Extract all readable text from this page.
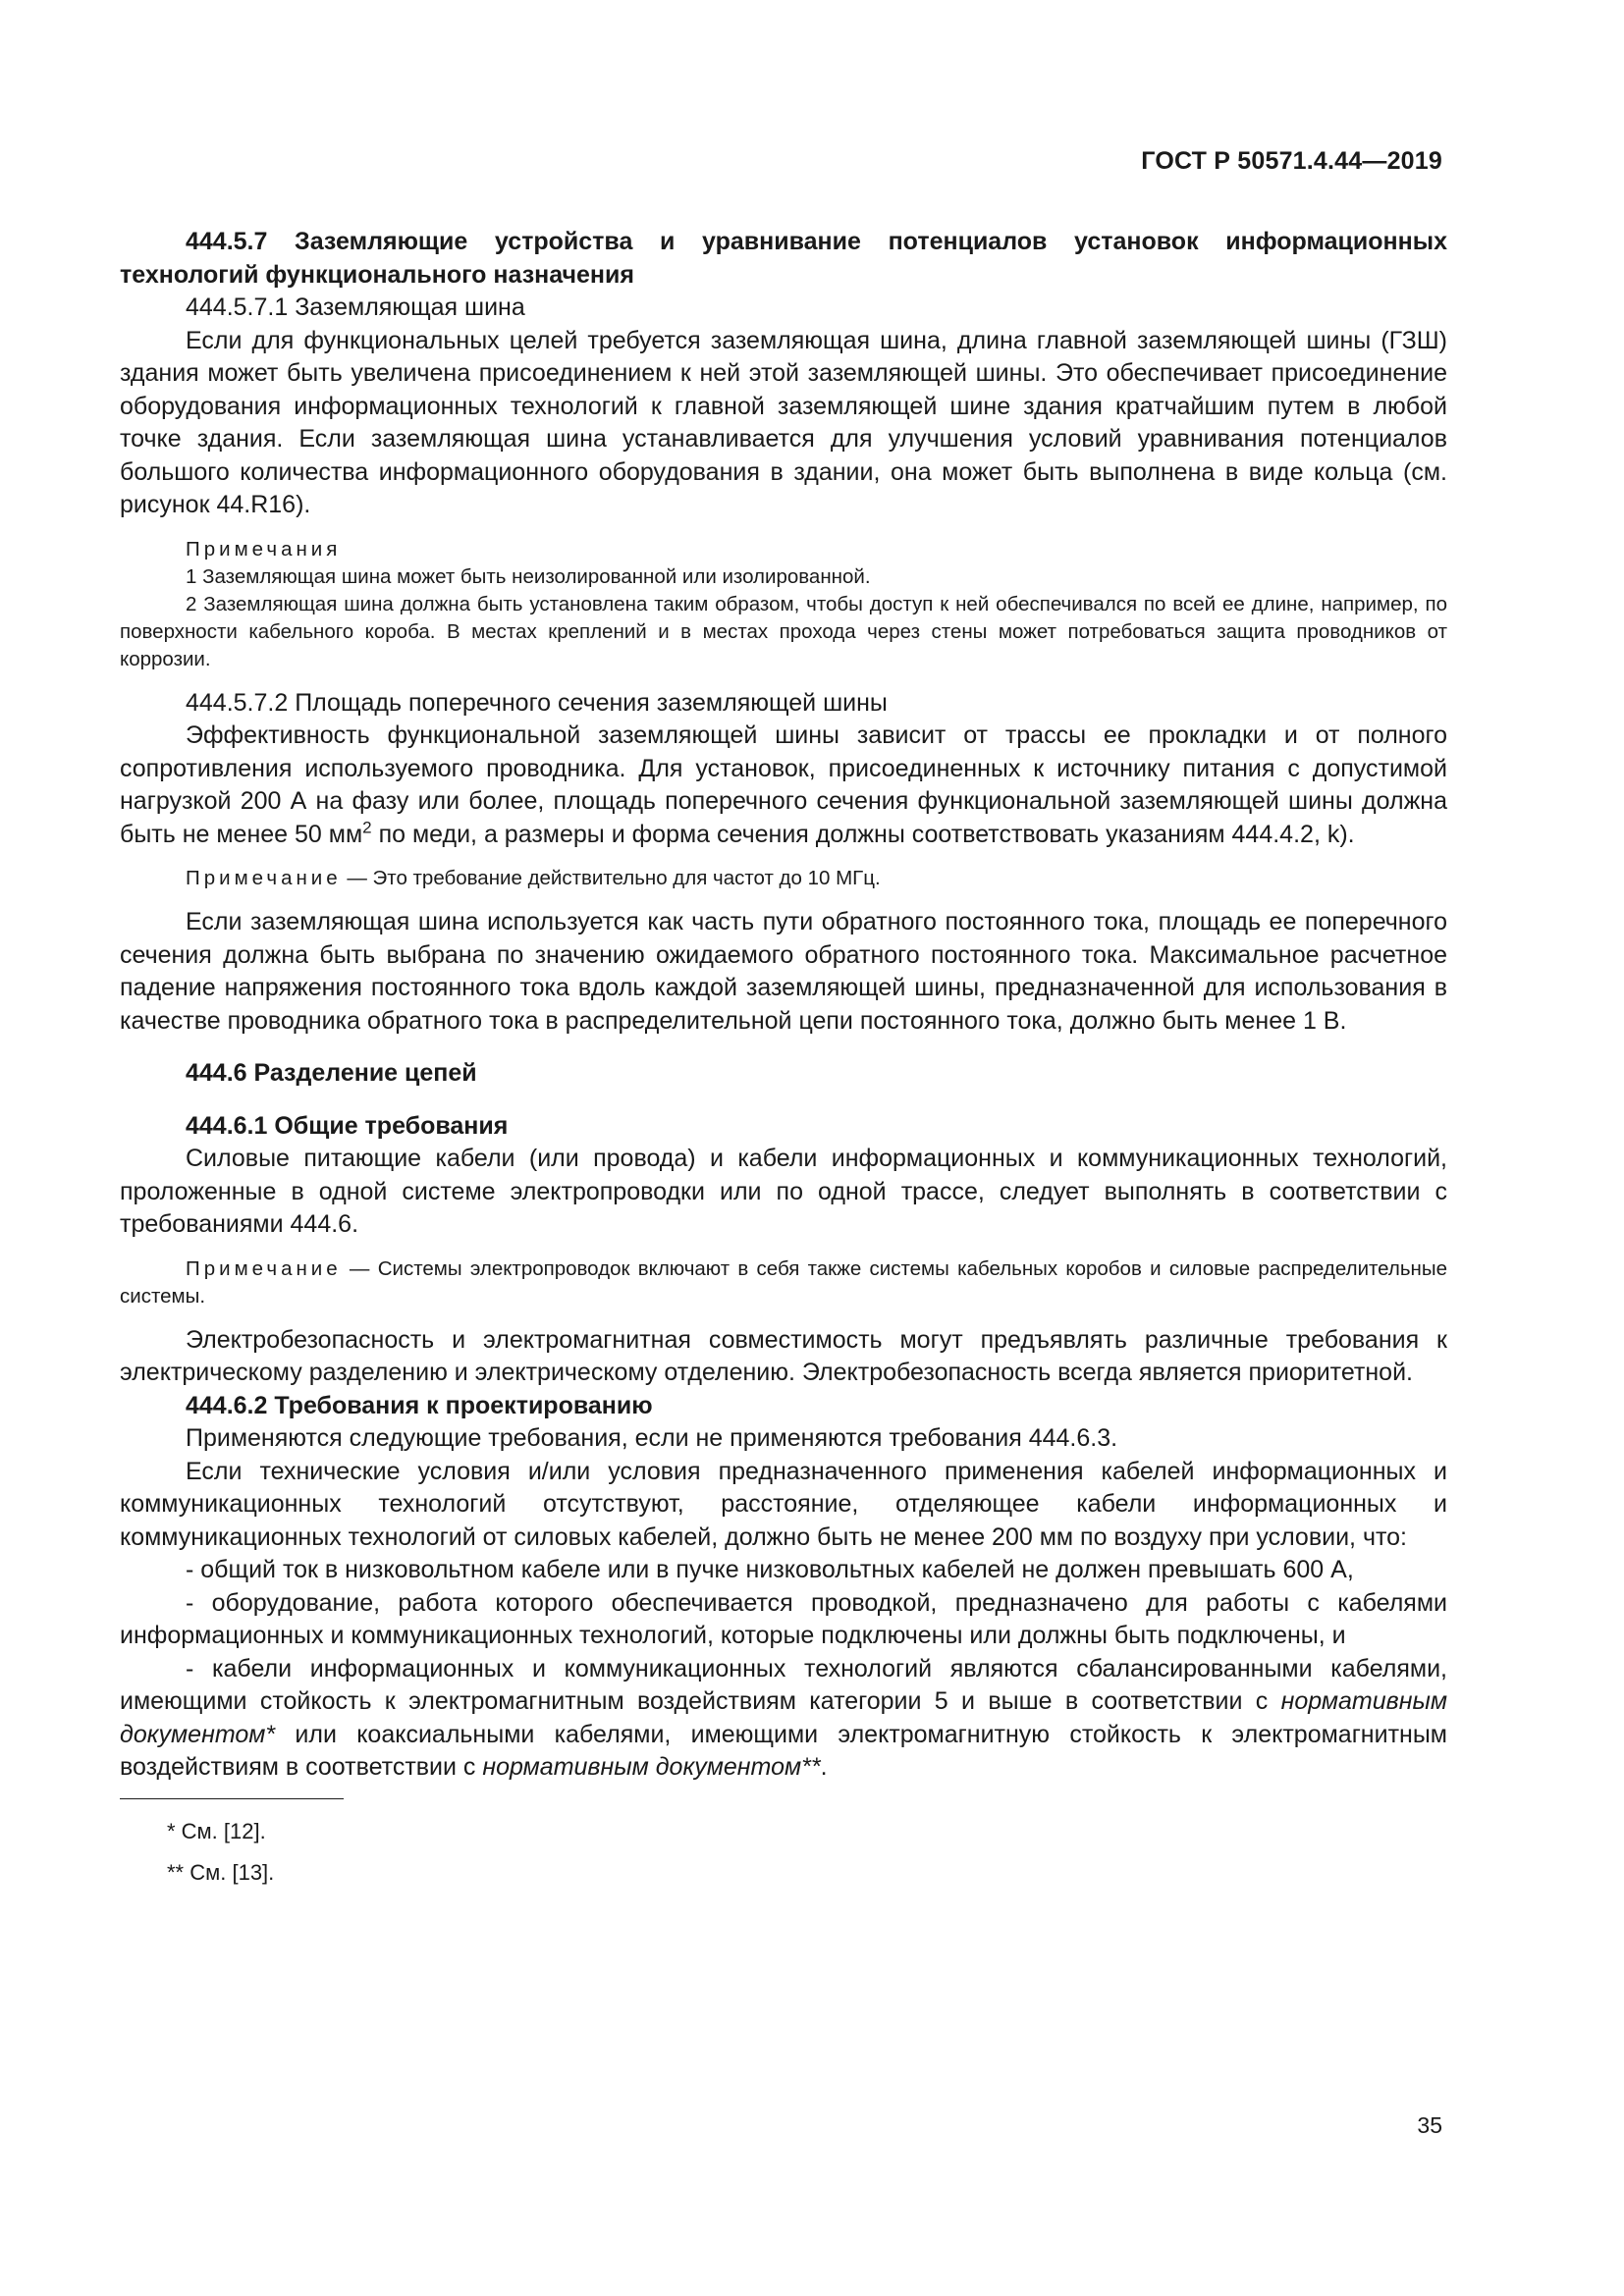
ГОСТ Р 50571.4.44—2019

444.5.7 Заземляющие устройства и уравнивание потенциалов установок информационных технологий функционального назначения

444.5.7.1 Заземляющая шина

Если для функциональных целей требуется заземляющая шина, длина главной заземляющей шины (ГЗШ) здания может быть увеличена присоединением к ней этой заземляющей шины. Это обеспечивает присоединение оборудования информационных технологий к главной заземляющей шине здания кратчайшим путем в любой точке здания. Если заземляющая шина устанавливается для улучшения условий уравнивания потенциалов большого количества информационного оборудования в здании, она может быть выполнена в виде кольца (см. рисунок 44.R16).

Примечания

1 Заземляющая шина может быть неизолированной или изолированной.

2 Заземляющая шина должна быть установлена таким образом, чтобы доступ к ней обеспечивался по всей ее длине, например, по поверхности кабельного короба. В местах креплений и в местах прохода через стены может потребоваться защита проводников от коррозии.

444.5.7.2 Площадь поперечного сечения заземляющей шины

Эффективность функциональной заземляющей шины зависит от трассы ее прокладки и от полного сопротивления используемого проводника. Для установок, присоединенных к источнику питания с допустимой нагрузкой 200 А на фазу или более, площадь поперечного сечения функциональной заземляющей шины должна быть не менее 50 $мм^2$ по меди, а размеры и форма сечения должны соответствовать указаниям 444.4.2, k).

Примечание — Это требование действительно для частот до 10 МГц.

Если заземляющая шина используется как часть пути обратного постоянного тока, площадь ее поперечного сечения должна быть выбрана по значению ожидаемого обратного постоянного тока. Максимальное расчетное падение напряжения постоянного тока вдоль каждой заземляющей шины, предназначенной для использования в качестве проводника обратного тока в распределительной цепи постоянного тока, должно быть менее 1 В.

444.6 Разделение цепей

444.6.1 Общие требования

Силовые питающие кабели (или провода) и кабели информационных и коммуникационных технологий, проложенные в одной системе электропроводки или по одной трассе, следует выполнять в соответствии с требованиями 444.6.

Примечание — Системы электропроводок включают в себя также системы кабельных коробов и силовые распределительные системы.

Электробезопасность и электромагнитная совместимость могут предъявлять различные требования к электрическому разделению и электрическому отделению. Электробезопасность всегда является приоритетной.

444.6.2 Требования к проектированию

Применяются следующие требования, если не применяются требования 444.6.3.

Если технические условия и/или условия предназначенного применения кабелей информационных и коммуникационных технологий отсутствуют, расстояние, отделяющее кабели информационных и коммуникационных технологий от силовых кабелей, должно быть не менее 200 мм по воздуху при условии, что:

- общий ток в низковольтном кабеле или в пучке низковольтных кабелей не должен превышать 600 А,

- оборудование, работа которого обеспечивается проводкой, предназначено для работы с кабелями информационных и коммуникационных технологий, которые подключены или должны быть подключены, и

- кабели информационных и коммуникационных технологий являются сбалансированными кабелями, имеющими стойкость к электромагнитным воздействиям категории 5 и выше в соответствии с нормативным документом* или коаксиальными кабелями, имеющими электромагнитную стойкость к электромагнитным воздействиям в соответствии с нормативным документом**.

* См. [12].

** См. [13].

35
